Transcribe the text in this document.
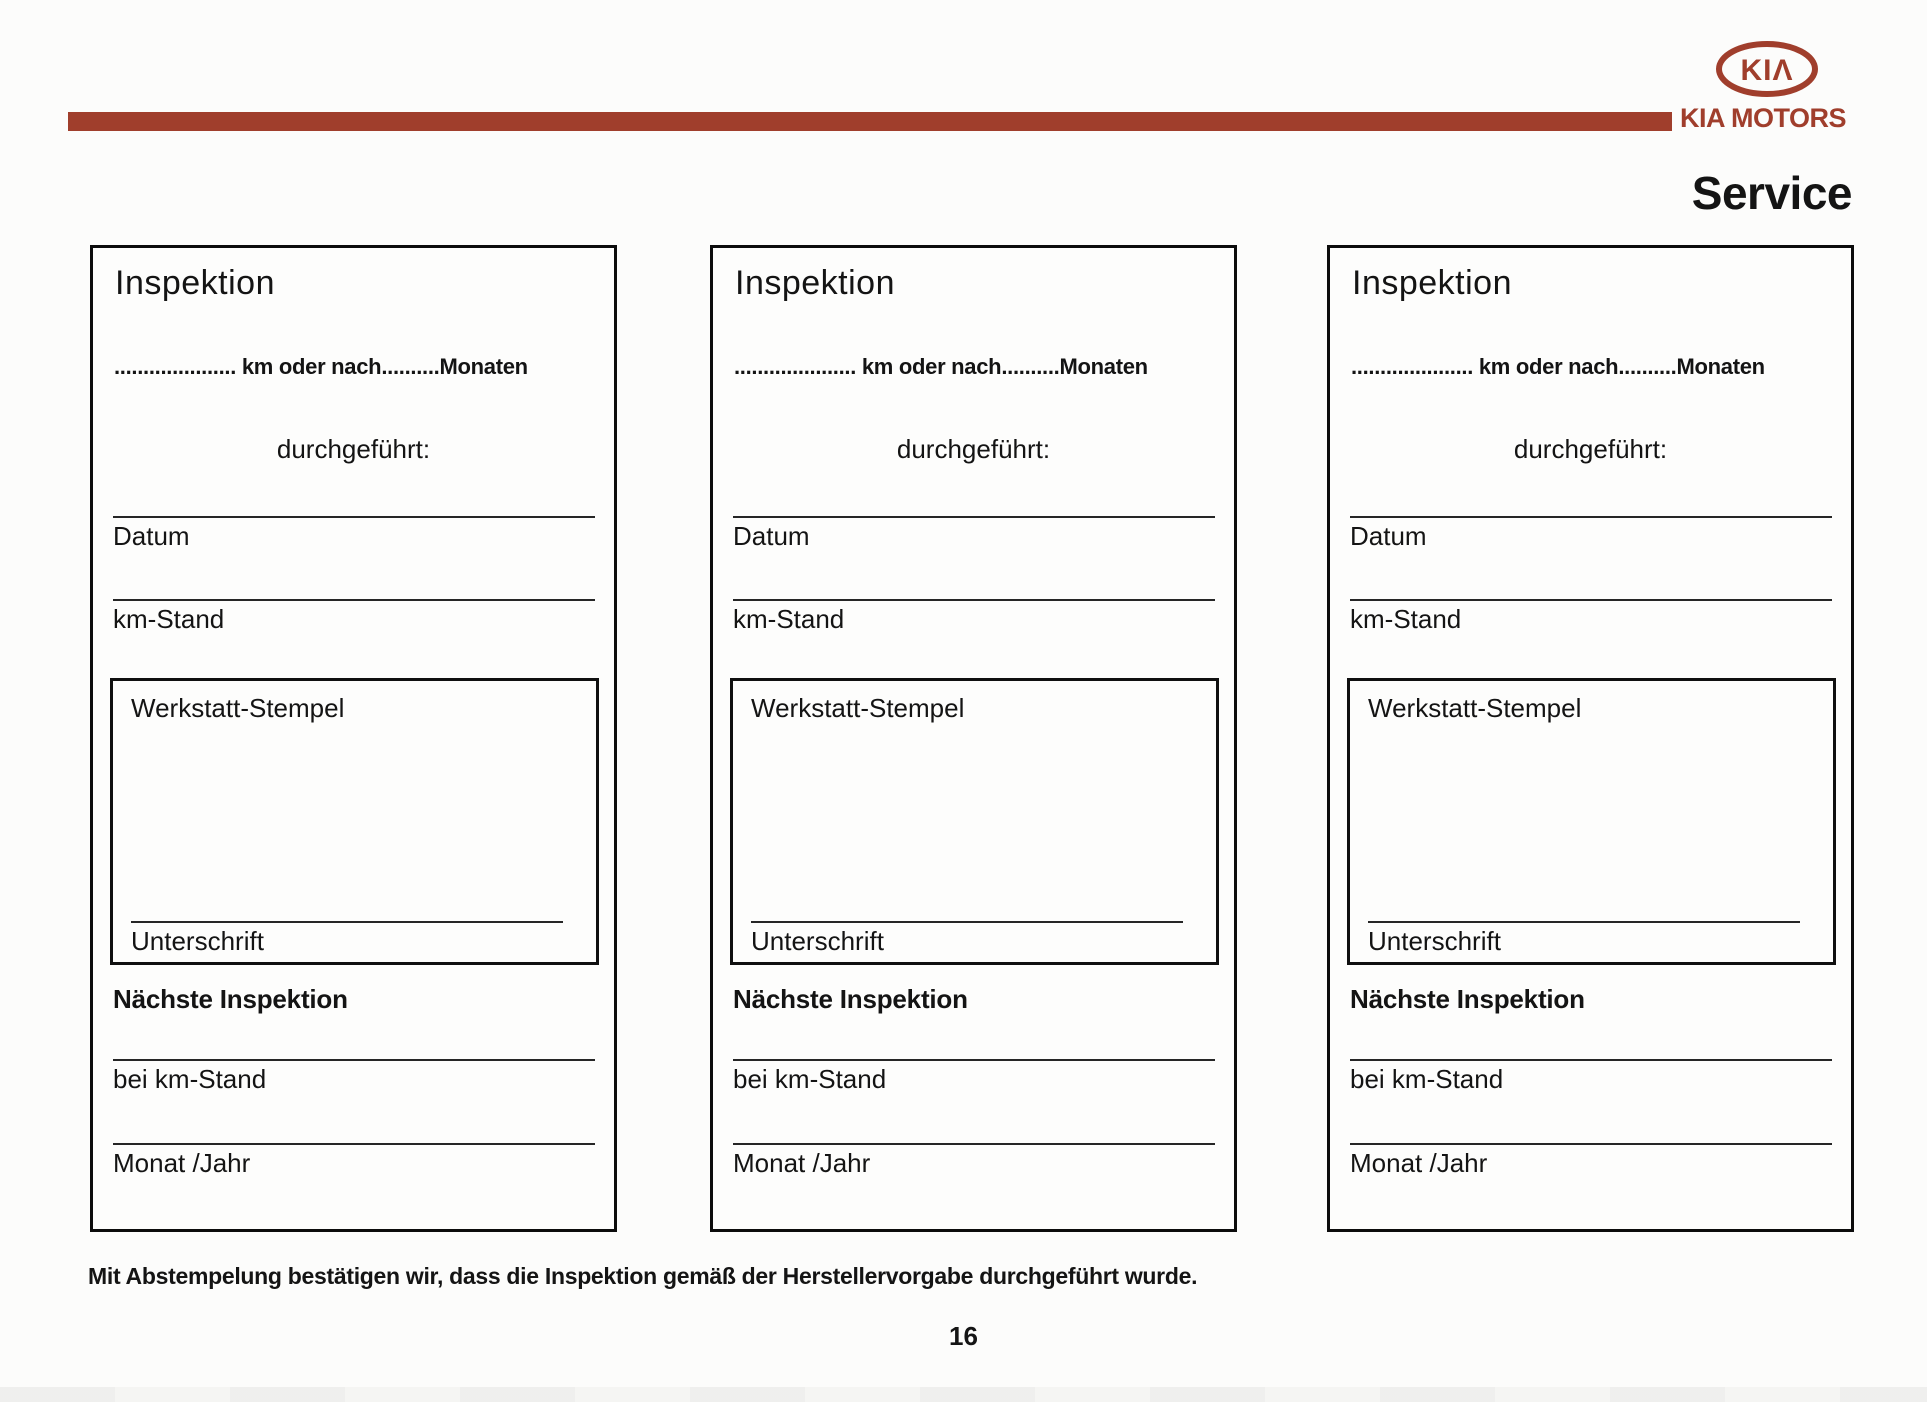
KIΛ
KIA MOTORS
Service
Inspektion
..................... km oder nach..........Monaten
durchgeführt:
Datum
km-Stand
Werkstatt-Stempel
Unterschrift
Nächste Inspektion
bei km-Stand
Monat /Jahr
Inspektion
..................... km oder nach..........Monaten
durchgeführt:
Datum
km-Stand
Werkstatt-Stempel
Unterschrift
Nächste Inspektion
bei km-Stand
Monat /Jahr
Inspektion
..................... km oder nach..........Monaten
durchgeführt:
Datum
km-Stand
Werkstatt-Stempel
Unterschrift
Nächste Inspektion
bei km-Stand
Monat /Jahr
Mit Abstempelung bestätigen wir, dass die Inspektion gemäß der Herstellervorgabe durchgeführt wurde.
16
